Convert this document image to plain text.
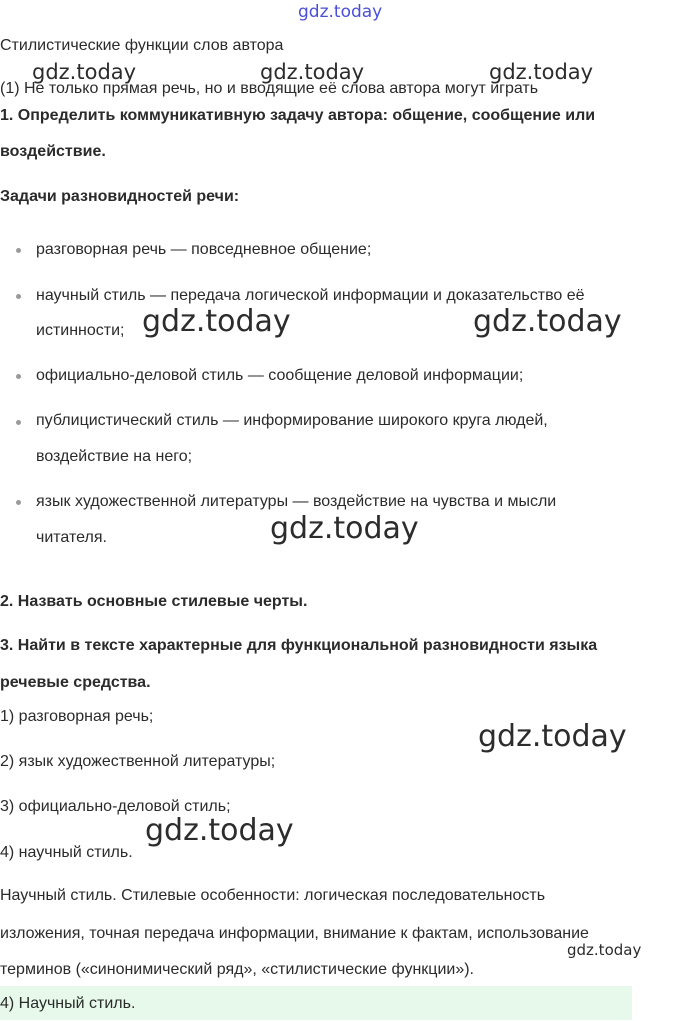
gdz.today
Стилистические функции слов автора
(1) Не только прямая речь, но и вводящие её слова автора могут играть
1. Определить коммуникативную задачу автора: общение, сообщение или
воздействие.
Задачи разновидностей речи:
разговорная речь — повседневное общение;
научный стиль — передача логической информации и доказательство её
истинности;
официально-деловой стиль — сообщение деловой информации;
публицистический стиль — информирование широкого круга людей,
воздействие на него;
язык художественной литературы — воздействие на чувства и мысли
читателя.
2. Назвать основные стилевые черты.
3. Найти в тексте характерные для функциональной разновидности языка
речевые средства.
1) разговорная речь;
2) язык художественной литературы;
3) официально-деловой стиль;
4) научный стиль.
Научный стиль. Стилевые особенности: логическая последовательность
изложения, точная передача информации, внимание к фактам, использование
терминов («синонимический ряд», «стилистические функции»).
4) Научный стиль.
gdz.today	gdz.today	gdz.today
gdz.today	gdz.today
gdz.today
gdz.today
gdz.today
gdz.today
